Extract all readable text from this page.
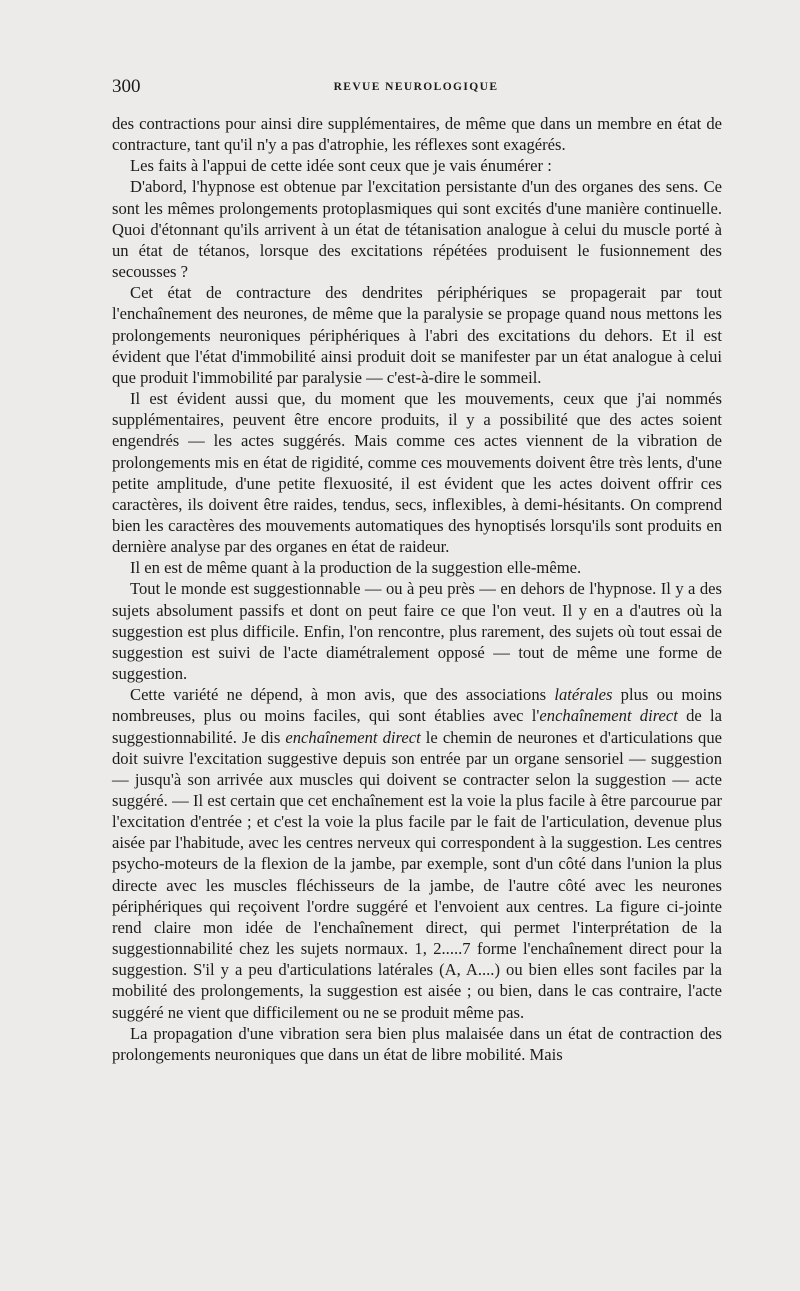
300	REVUE NEUROLOGIQUE

des contractions pour ainsi dire supplémentaires, de même que dans un membre en état de contracture, tant qu'il n'y a pas d'atrophie, les réflexes sont exagérés.

Les faits à l'appui de cette idée sont ceux que je vais énumérer :

D'abord, l'hypnose est obtenue par l'excitation persistante d'un des organes des sens. Ce sont les mêmes prolongements protoplasmiques qui sont excités d'une manière continuelle. Quoi d'étonnant qu'ils arrivent à un état de tétanisation analogue à celui du muscle porté à un état de tétanos, lorsque des excitations répétées produisent le fusionnement des secousses ?

Cet état de contracture des dendrites périphériques se propagerait par tout l'enchaînement des neurones, de même que la paralysie se propage quand nous mettons les prolongements neuroniques périphériques à l'abri des excitations du dehors. Et il est évident que l'état d'immobilité ainsi produit doit se manifester par un état analogue à celui que produit l'immobilité par paralysie — c'est-à-dire le sommeil.

Il est évident aussi que, du moment que les mouvements, ceux que j'ai nommés supplémentaires, peuvent être encore produits, il y a possibilité que des actes soient engendrés — les actes suggérés. Mais comme ces actes viennent de la vibration de prolongements mis en état de rigidité, comme ces mouvements doivent être très lents, d'une petite amplitude, d'une petite flexuosité, il est évident que les actes doivent offrir ces caractères, ils doivent être raides, tendus, secs, inflexibles, à demi-hésitants. On comprend bien les caractères des mouvements automatiques des hynoptisés lorsqu'ils sont produits en dernière analyse par des organes en état de raideur.

Il en est de même quant à la production de la suggestion elle-même.

Tout le monde est suggestionnable — ou à peu près — en dehors de l'hypnose. Il y a des sujets absolument passifs et dont on peut faire ce que l'on veut. Il y en a d'autres où la suggestion est plus difficile. Enfin, l'on rencontre, plus rarement, des sujets où tout essai de suggestion est suivi de l'acte diamétralement opposé — tout de même une forme de suggestion.

Cette variété ne dépend, à mon avis, que des associations latérales plus ou moins nombreuses, plus ou moins faciles, qui sont établies avec l'enchaînement direct de la suggestionnabilité. Je dis enchaînement direct le chemin de neurones et d'articulations que doit suivre l'excitation suggestive depuis son entrée par un organe sensoriel — suggestion — jusqu'à son arrivée aux muscles qui doivent se contracter selon la suggestion — acte suggéré. — Il est certain que cet enchaînement est la voie la plus facile à être parcourue par l'excitation d'entrée ; et c'est la voie la plus facile par le fait de l'articulation, devenue plus aisée par l'habitude, avec les centres nerveux qui correspondent à la suggestion. Les centres psycho-moteurs de la flexion de la jambe, par exemple, sont d'un côté dans l'union la plus directe avec les muscles fléchisseurs de la jambe, de l'autre côté avec les neurones périphériques qui reçoivent l'ordre suggéré et l'envoient aux centres. La figure ci-jointe rend claire mon idée de l'enchaînement direct, qui permet l'interprétation de la suggestionnabilité chez les sujets normaux. 1, 2.....7 forme l'enchaînement direct pour la suggestion. S'il y a peu d'articulations latérales (A, A....) ou bien elles sont faciles par la mobilité des prolongements, la suggestion est aisée ; ou bien, dans le cas contraire, l'acte suggéré ne vient que difficilement ou ne se produit même pas.

La propagation d'une vibration sera bien plus malaisée dans un état de contraction des prolongements neuroniques que dans un état de libre mobilité. Mais
